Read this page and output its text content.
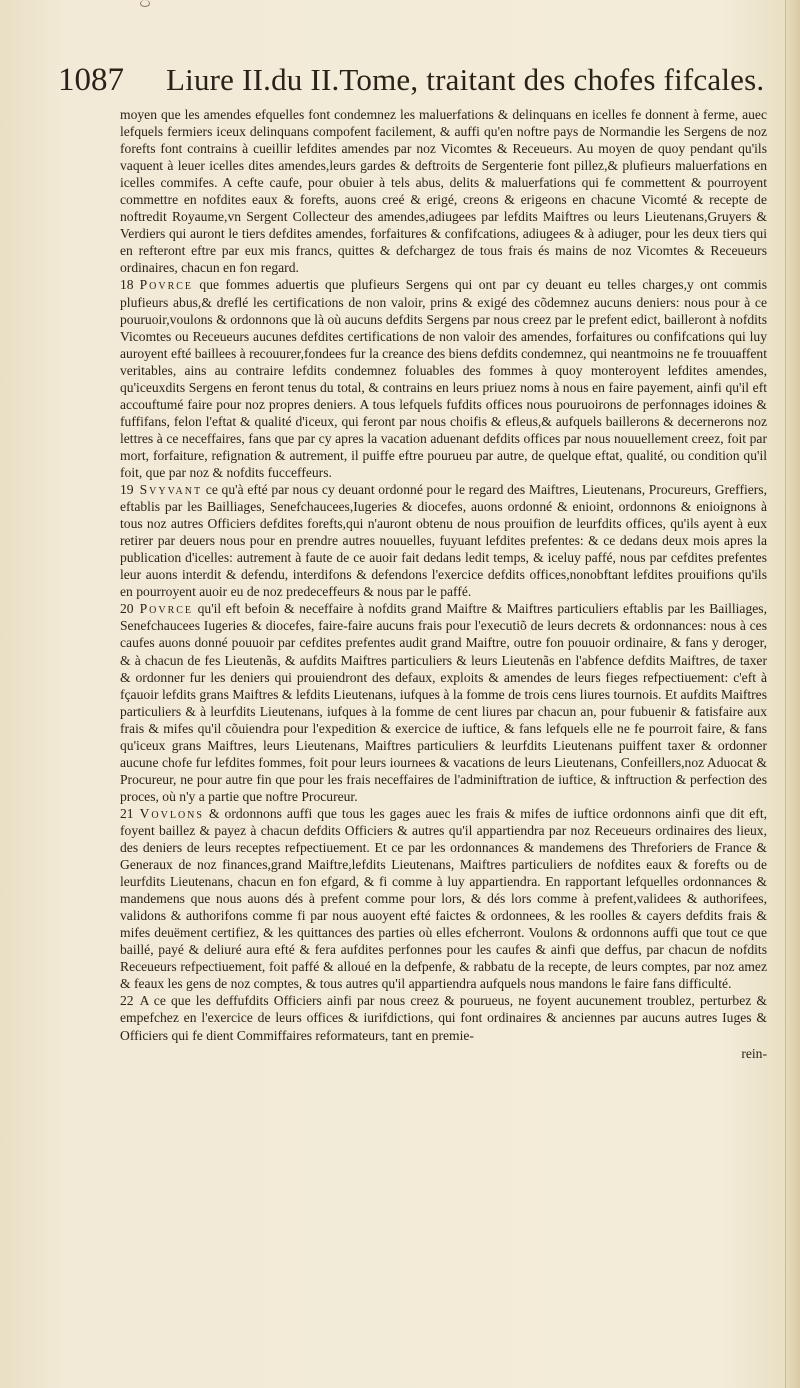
1087 Liure II.du II.Tome, traitant des chofes fifcales.

moyen que les amendes efquelles font condemnez les maluerfations & delinquans en icelles fe donnent à ferme, auec lefquels fermiers iceux delinquans compofent facilement, & auffi qu'en noftre pays de Normandie les Sergens de noz forefts font contrains à cueillir lefdites amendes par noz Vicomtes & Receueurs. Au moyen de quoy pendant qu'ils vaquent à leuer icelles dites amendes,leurs gardes & deftroits de Sergenterie font pillez,& plufieurs maluerfations en icelles commifes. A cefte caufe, pour obuier à tels abus, delits & maluerfations qui fe commettent & pourroyent commettre en nofdites eaux & forefts, auons creé & erigé, creons & erigeons en chacune Vicomté & recepte de noftredit Royaume,vn Sergent Collecteur des amendes,adiugees par lefdits Maiftres ou leurs Lieutenans,Gruyers & Verdiers qui auront le tiers defdites amendes, forfaitures & confifcations, adiugees & à adiuger, pour les deux tiers qui en refteront eftre par eux mis francs, quittes & defchargez de tous frais és mains de noz Vicomtes & Receueurs ordinaires, chacun en fon regard.

18 Povrce que fommes aduertis que plufieurs Sergens qui ont par cy deuant eu telles charges,y ont commis plufieurs abus,& dreflé les certifications de non valoir, prins & exigé des cõdemnez aucuns deniers: nous pour à ce pouruoir,voulons & ordonnons que là où aucuns defdits Sergens par nous creez par le prefent edict, bailleront à nofdits Vicomtes ou Receueurs aucunes defdites certifications de non valoir des amendes, forfaitures ou confifcations qui luy auroyent efté baillees à recouurer,fondees fur la creance des biens defdits condemnez, qui neantmoins ne fe trouuaffent veritables, ains au contraire lefdits condemnez foluables des fommes à quoy monteroyent lefdites amendes, qu'iceuxdits Sergens en feront tenus du total, & contrains en leurs priuez noms à nous en faire payement, ainfi qu'il eft accouftumé faire pour noz propres deniers. A tous lefquels fufdits offices nous pouruoirons de perfonnages idoines & fuffifans, felon l'eftat & qualité d'iceux, qui feront par nous choifis & efleus,& aufquels baillerons & decernerons noz lettres à ce neceffaires, fans que par cy apres la vacation aduenant defdits offices par nous nouuellement creez, foit par mort, forfaiture, refignation & autrement, il puiffe eftre pourueu par autre, de quelque eftat, qualité, ou condition qu'il foit, que par noz & nofdits fucceffeurs.

19 Svyvant ce qu'à efté par nous cy deuant ordonné pour le regard des Maiftres, Lieutenans, Procureurs, Greffiers, eftablis par les Bailliages, Senefchaucees,Iugeries & diocefes, auons ordonné & enioint, ordonnons & enioignons à tous noz autres Officiers defdites forefts,qui n'auront obtenu de nous prouifion de leurfdits offices, qu'ils ayent à eux retirer par deuers nous pour en prendre autres nouuelles, fuyuant lefdites prefentes: & ce dedans deux mois apres la publication d'icelles: autrement à faute de ce auoir fait dedans ledit temps, & iceluy paffé, nous par cefdites prefentes leur auons interdit & defendu, interdifons & defendons l'exercice defdits offices,nonobftant lefdites prouifions qu'ils en pourroyent auoir eu de noz predeceffeurs & nous par le paffé.

20 Povrce qu'il eft befoin & neceffaire à nofdits grand Maiftre & Maiftres particuliers eftablis par les Bailliages, Senefchaucees Iugeries & diocefes, faire-faire aucuns frais pour l'executiõ de leurs decrets & ordonnances: nous à ces caufes auons donné pouuoir par cefdites prefentes audit grand Maiftre, outre fon pouuoir ordinaire, & fans y deroger, & à chacun de fes Lieutenãs, & aufdits Maiftres particuliers & leurs Lieutenãs en l'abfence defdits Maiftres, de taxer & ordonner fur les deniers qui prouiendront des defaux, exploits & amendes de leurs fieges refpectiuement: c'eft à fçauoir lefdits grans Maiftres & lefdits Lieutenans, iufques à la fomme de trois cens liures tournois. Et aufdits Maiftres particuliers & à leurfdits Lieutenans, iufques à la fomme de cent liures par chacun an, pour fubuenir & fatisfaire aux frais & mifes qu'il cõuiendra pour l'expedition & exercice de iuftice, & fans lefquels elle ne fe pourroit faire, & fans qu'iceux grans Maiftres, leurs Lieutenans, Maiftres particuliers & leurfdits Lieutenans puiffent taxer & ordonner aucune chofe fur lefdites fommes, foit pour leurs iournees & vacations de leurs Lieutenans, Confeillers,noz Aduocat & Procureur, ne pour autre fin que pour les frais neceffaires de l'adminiftration de iuftice, & inftruction & perfection des proces, où n'y a partie que noftre Procureur.

21 Vovlons & ordonnons auffi que tous les gages auec les frais & mifes de iuftice ordonnons ainfi que dit eft, foyent baillez & payez à chacun defdits Officiers & autres qu'il appartiendra par noz Receueurs ordinaires des lieux, des deniers de leurs receptes refpectiuement. Et ce par les ordonnances & mandemens des Threforiers de France & Generaux de noz finances,grand Maiftre,lefdits Lieutenans, Maiftres particuliers de nofdites eaux & forefts ou de leurfdits Lieutenans, chacun en fon efgard, & fi comme à luy appartiendra. En rapportant lefquelles ordonnances & mandemens que nous auons dés à prefent comme pour lors, & dés lors comme à prefent,validees & authorifees, validons & authorifons comme fi par nous auoyent efté faictes & ordonnees, & les roolles & cayers defdits frais & mifes deuëment certifiez, & les quittances des parties où elles efcherront. Voulons & ordonnons auffi que tout ce que baillé, payé & deliuré aura efté & fera aufdites perfonnes pour les caufes & ainfi que deffus, par chacun de nofdits Receueurs refpectiuement, foit paffé & alloué en la defpenfe, & rabbatu de la recepte, de leurs comptes, par noz amez & feaux les gens de noz comptes, & tous autres qu'il appartiendra aufquels nous mandons le faire fans difficulté.

22 A ce que les deffufdits Officiers ainfi par nous creez & pourueus, ne foyent aucunement troublez, perturbez & empefchez en l'exercice de leurs offices & iurifdictions, qui font ordinaires & anciennes par aucuns autres Iuges & Officiers qui fe dient Commiffaires reformateurs, tant en premie-

rein-
